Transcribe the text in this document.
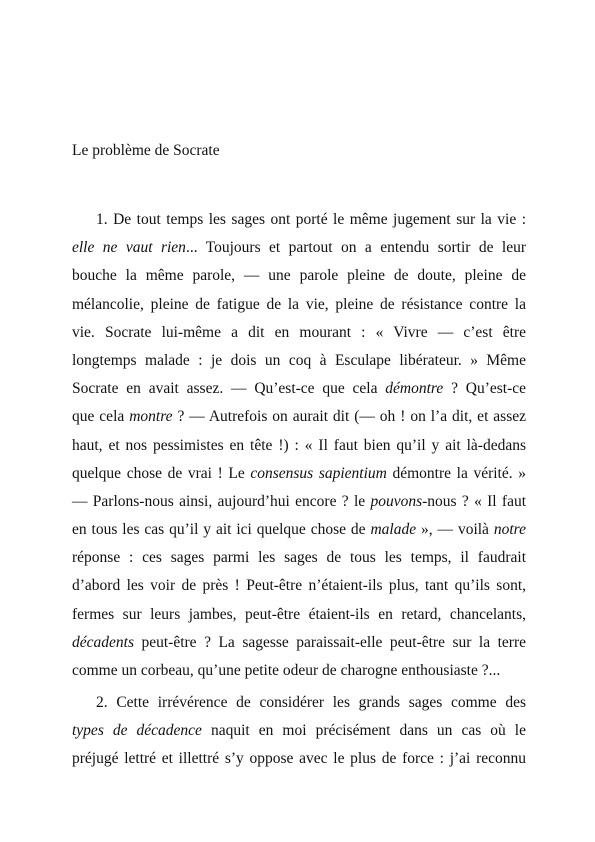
Le problème de Socrate
1. De tout temps les sages ont porté le même jugement sur la vie :
elle ne vaut rien... Toujours et partout on a entendu sortir de leur
bouche la même parole, — une parole pleine de doute, pleine de
mélancolie, pleine de fatigue de la vie, pleine de résistance contre la
vie. Socrate lui-même a dit en mourant : « Vivre — c’est être
longtemps malade : je dois un coq à Esculape libérateur. » Même
Socrate en avait assez. — Qu’est-ce que cela démontre ? Qu’est-ce
que cela montre ? — Autrefois on aurait dit (— oh ! on l’a dit, et assez
haut, et nos pessimistes en tête !) : « Il faut bien qu’il y ait là-dedans
quelque chose de vrai ! Le consensus sapientium démontre la vérité. »
— Parlons-nous ainsi, aujourd’hui encore ? le pouvons-nous ? « Il faut
en tous les cas qu’il y ait ici quelque chose de malade », — voilà notre
réponse : ces sages parmi les sages de tous les temps, il faudrait
d’abord les voir de près ! Peut-être n’étaient-ils plus, tant qu’ils sont,
fermes sur leurs jambes, peut-être étaient-ils en retard, chancelants,
décadents peut-être ? La sagesse paraissait-elle peut-être sur la terre
comme un corbeau, qu’une petite odeur de charogne enthousiaste ?...
2. Cette irrévérence de considérer les grands sages comme des
types de décadence naquit en moi précisément dans un cas où le
préjugé lettré et illettré s’y oppose avec le plus de force : j’ai reconnu
